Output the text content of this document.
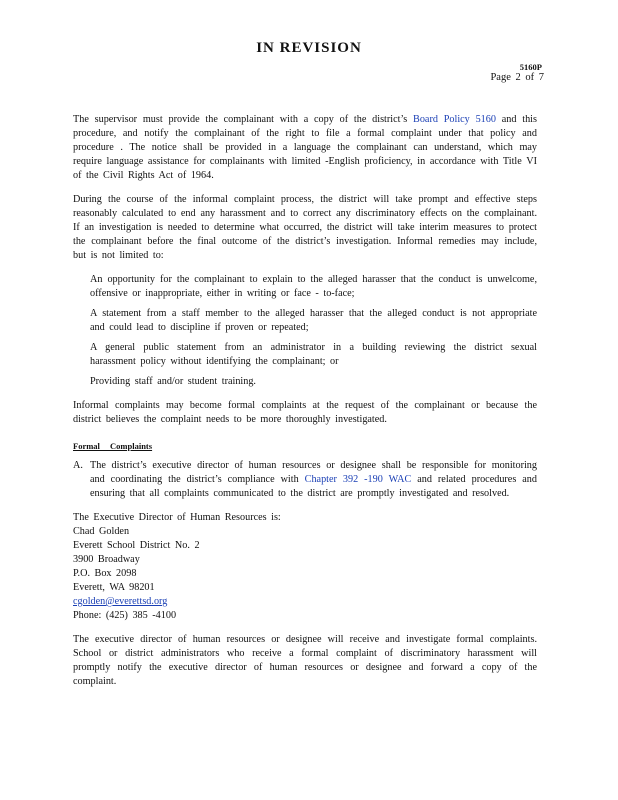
IN REVISION
5160P
Page 2 of 7

The supervisor must provide the complainant with a copy of the district’s Board Policy 5160 and this procedure, and notify the complainant of the right to file a formal complaint under that policy and procedure . The notice shall be provided in a language the complainant can understand, which may require language assistance for complainants with limited -English proficiency, in accordance with Title VI of the Civil Rights Act of 1964.

During the course of the informal complaint process, the district will take prompt and effective steps reasonably calculated to end any harassment and to correct any discriminatory effects on the complainant. If an investigation is needed to determine what occurred, the district will take interim measures to protect the complainant before the final outcome of the district’s investigation. Informal remedies may include, but is not limited to:

An opportunity for the complainant to explain to the alleged harasser that the conduct is unwelcome, offensive or inappropriate, either in writing or face - to-face;
A statement from a staff member to the alleged harasser that the alleged conduct is not appropriate and could lead to discipline if proven or repeated;
A general public statement from an administrator in a building reviewing the district sexual harassment policy without identifying the complainant; or
Providing staff and/or student training.

Informal complaints may become formal complaints at the request of the complainant or because the district believes the complaint needs to be more thoroughly investigated.

Formal Complaints
A. The district’s executive director of human resources or designee shall be responsible for monitoring and coordinating the district’s compliance with Chapter 392 -190 WAC and related procedures and ensuring that all complaints communicated to the district are promptly investigated and resolved.
The Executive Director of Human Resources is:
Chad Golden
Everett School District No. 2
3900 Broadway
P.O. Box 2098
Everett, WA 98201
cgolden@everettsd.org
Phone: (425) 385 -4100

The executive director of human resources or designee will receive and investigate formal complaints. School or district administrators who receive a formal complaint of discriminatory harassment will promptly notify the executive director of human resources or designee and forward a copy of the complaint.
